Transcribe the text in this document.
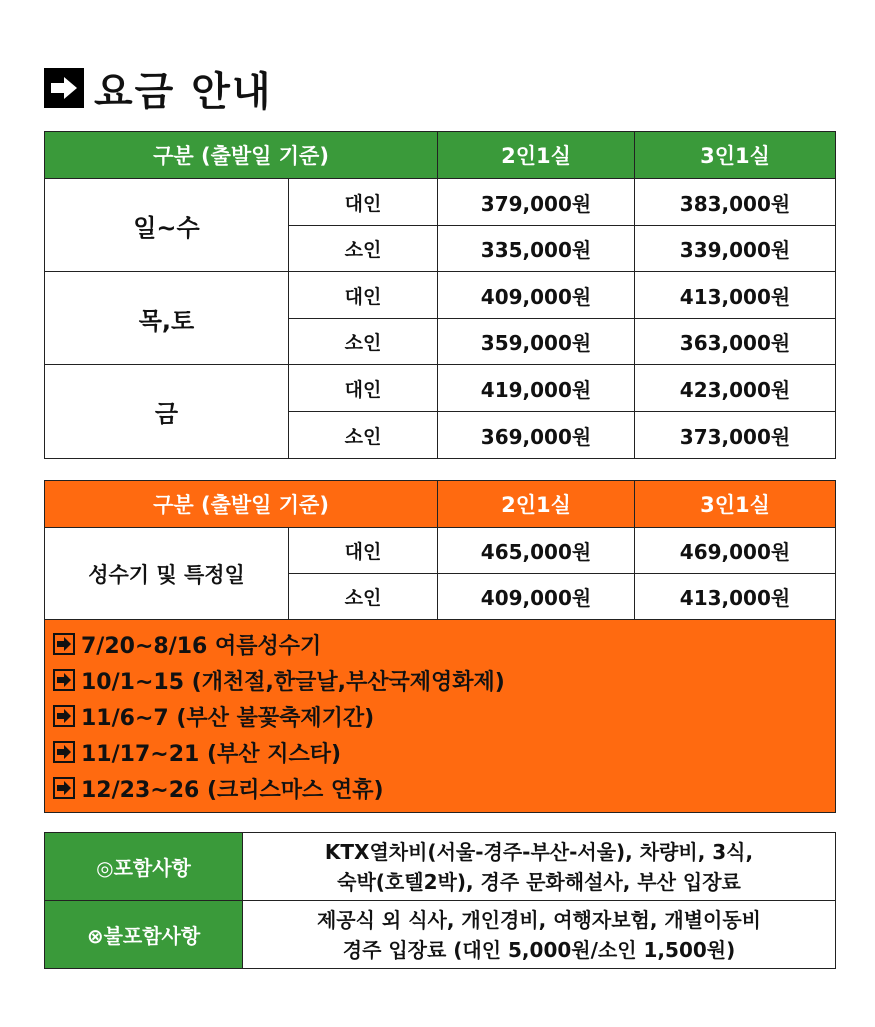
요금 안내
구분 (출발일 기준)		2인1실	3인1실
일~수	대인	379,000원	383,000원
	소인	335,000원	339,000원
목,토	대인	409,000원	413,000원
	소인	359,000원	363,000원
금	대인	419,000원	423,000원
	소인	369,000원	373,000원
구분 (출발일 기준)		2인1실	3인1실
성수기 및 특정일	대인	465,000원	469,000원
	소인	409,000원	413,000원

7/20~8/16 여름성수기
10/1~15 (개천절,한글날,부산국제영화제)
11/6~7 (부산 불꽃축제기간)
11/17~21 (부산 지스타)
12/23~26 (크리스마스 연휴)			
◎포함사항	KTX열차비(서울-경주-부산-서울), 차량비, 3식,
숙박(호텔2박), 경주 문화해설사, 부산 입장료

⊗불포함사항	제공식 외 식사, 개인경비, 여행자보험, 개별이동비
경주 입장료 (대인 5,000원/소인 1,500원)
